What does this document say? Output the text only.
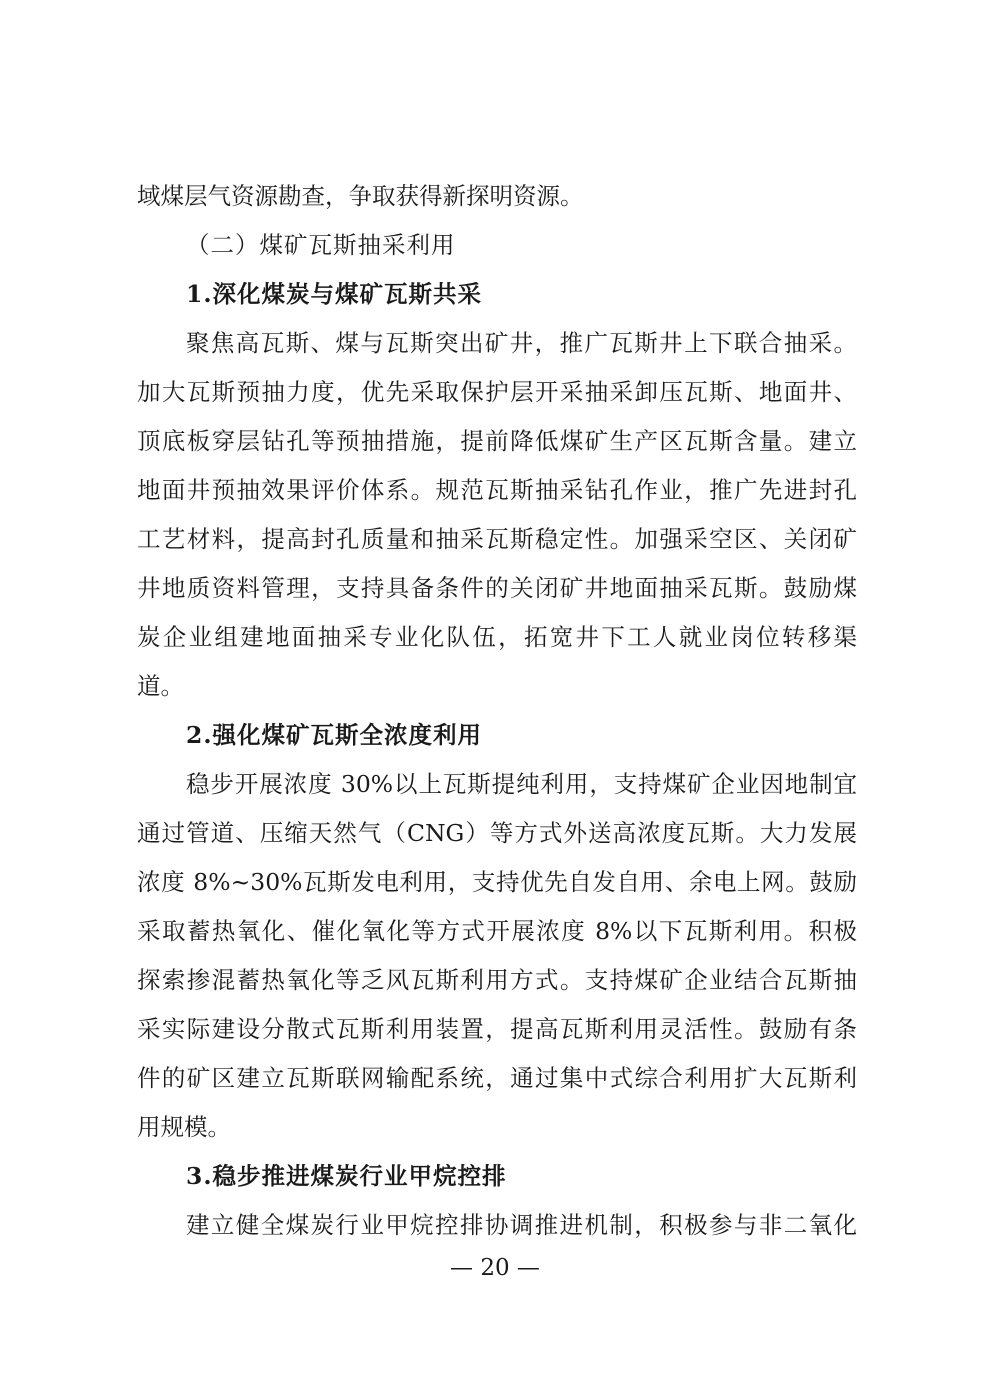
域煤层气资源勘查，争取获得新探明资源。
（二）煤矿瓦斯抽采利用
1.深化煤炭与煤矿瓦斯共采
聚焦高瓦斯、煤与瓦斯突出矿井，推广瓦斯井上下联合抽采。
加大瓦斯预抽力度，优先采取保护层开采抽采卸压瓦斯、地面井、
顶底板穿层钻孔等预抽措施，提前降低煤矿生产区瓦斯含量。建立
地面井预抽效果评价体系。规范瓦斯抽采钻孔作业，推广先进封孔
工艺材料，提高封孔质量和抽采瓦斯稳定性。加强采空区、关闭矿
井地质资料管理，支持具备条件的关闭矿井地面抽采瓦斯。鼓励煤
炭企业组建地面抽采专业化队伍，拓宽井下工人就业岗位转移渠
道。
2.强化煤矿瓦斯全浓度利用
稳步开展浓度 30%以上瓦斯提纯利用，支持煤矿企业因地制宜
通过管道、压缩天然气（CNG）等方式外送高浓度瓦斯。大力发展
浓度 8%~30%瓦斯发电利用，支持优先自发自用、余电上网。鼓励
采取蓄热氧化、催化氧化等方式开展浓度 8%以下瓦斯利用。积极
探索掺混蓄热氧化等乏风瓦斯利用方式。支持煤矿企业结合瓦斯抽
采实际建设分散式瓦斯利用装置，提高瓦斯利用灵活性。鼓励有条
件的矿区建立瓦斯联网输配系统，通过集中式综合利用扩大瓦斯利
用规模。
3.稳步推进煤炭行业甲烷控排
建立健全煤炭行业甲烷控排协调推进机制，积极参与非二氧化
— 20 —
